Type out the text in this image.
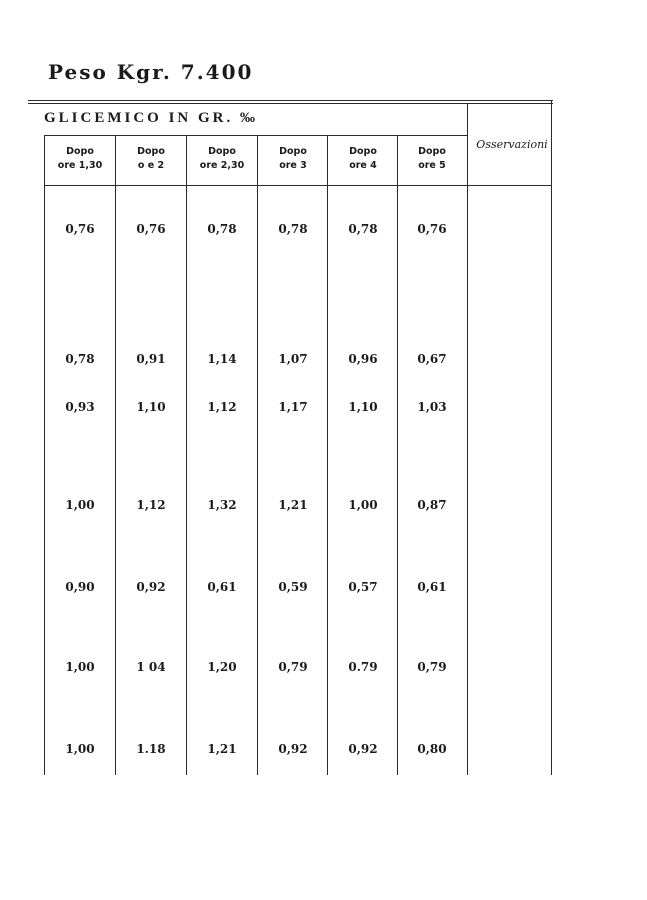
Peso Kgr. 7.400
GLICEMICO IN GR. ‰
Osservazioni
Dopo
ore 1,30
Dopo
o e 2
Dopo
ore 2,30
Dopo
ore 3
Dopo
ore 4
Dopo
ore 5
0,76	0,76	0,78	0,78	0,78	0,76
0,78	0,91	1,14	1,07	0,96	0,67
0,93	1,10	1,12	1,17	1,10	1,03
1,00	1,12	1,32	1,21	1,00	0,87
0,90	0,92	0,61	0,59	0,57	0,61
1,00	1 04	1,20	0,79	0.79	0,79
1,00	1.18	1,21	0,92	0,92	0,80
